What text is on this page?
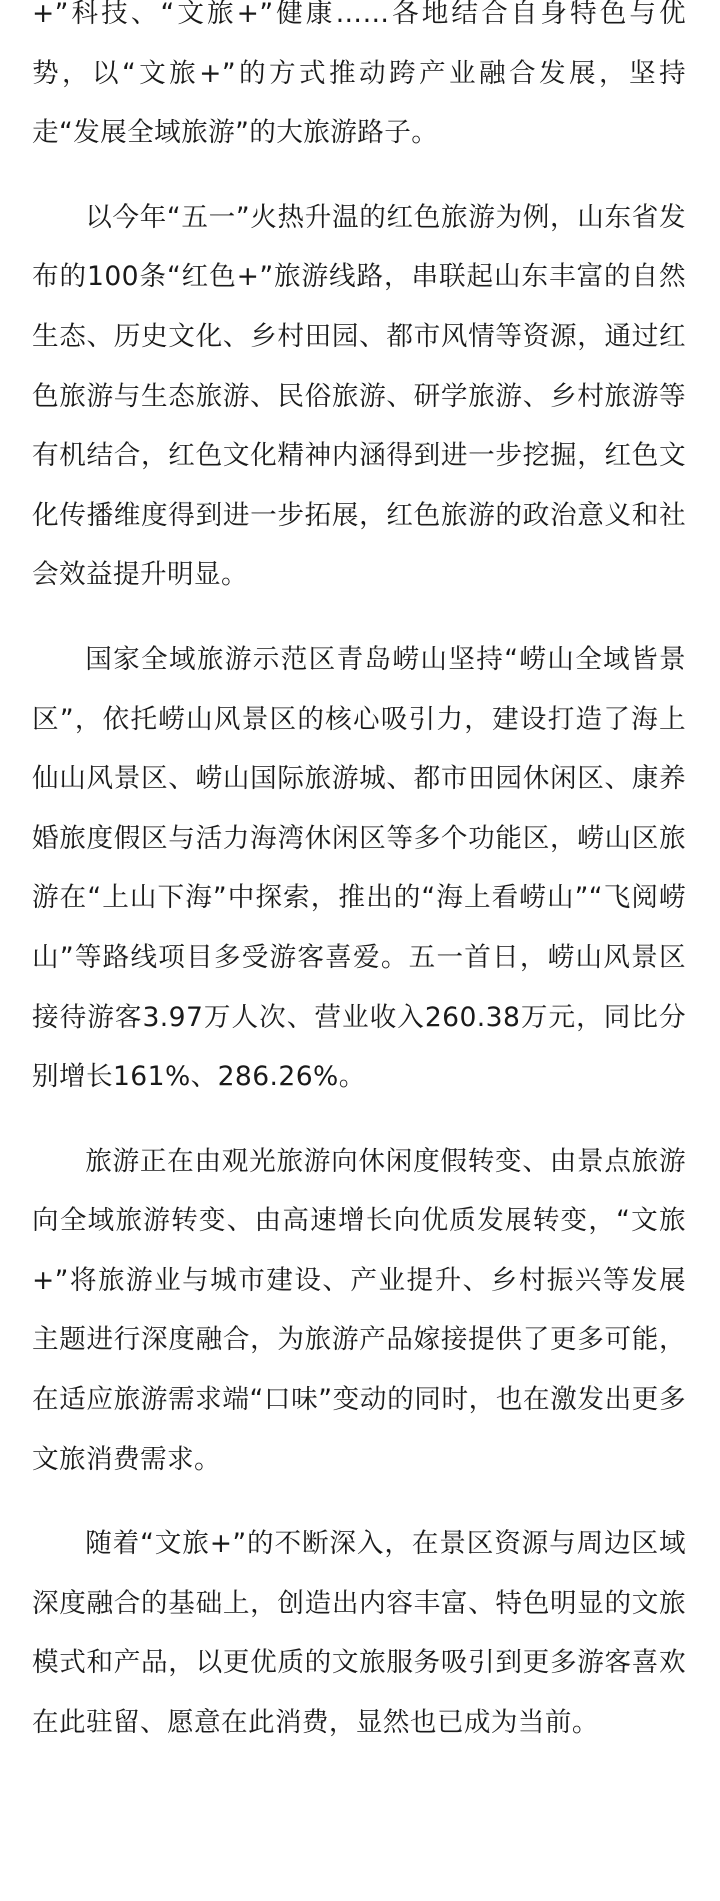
+”科技、“文旅+”健康……各地结合自身特色与优势，以“文旅+”的方式推动跨产业融合发展，坚持走“发展全域旅游”的大旅游路子。

以今年“五一”火热升温的红色旅游为例，山东省发布的100条“红色+”旅游线路，串联起山东丰富的自然生态、历史文化、乡村田园、都市风情等资源，通过红色旅游与生态旅游、民俗旅游、研学旅游、乡村旅游等有机结合，红色文化精神内涵得到进一步挖掘，红色文化传播维度得到进一步拓展，红色旅游的政治意义和社会效益提升明显。

国家全域旅游示范区青岛崂山坚持“崂山全域皆景区”，依托崂山风景区的核心吸引力，建设打造了海上仙山风景区、崂山国际旅游城、都市田园休闲区、康养婚旅度假区与活力海湾休闲区等多个功能区，崂山区旅游在“上山下海”中探索，推出的“海上看崂山”“飞阅崂山”等路线项目多受游客喜爱。五一首日，崂山风景区接待游客3.97万人次、营业收入260.38万元，同比分别增长161%、286.26%。

旅游正在由观光旅游向休闲度假转变、由景点旅游向全域旅游转变、由高速增长向优质发展转变，“文旅+”将旅游业与城市建设、产业提升、乡村振兴等发展主题进行深度融合，为旅游产品嫁接提供了更多可能，在适应旅游需求端“口味”变动的同时，也在激发出更多文旅消费需求。

随着“文旅+”的不断深入，在景区资源与周边区域深度融合的基础上，创造出内容丰富、特色明显的文旅模式和产品，以更优质的文旅服务吸引到更多游客喜欢在此驻留、愿意在此消费，显然也已成为当前。
